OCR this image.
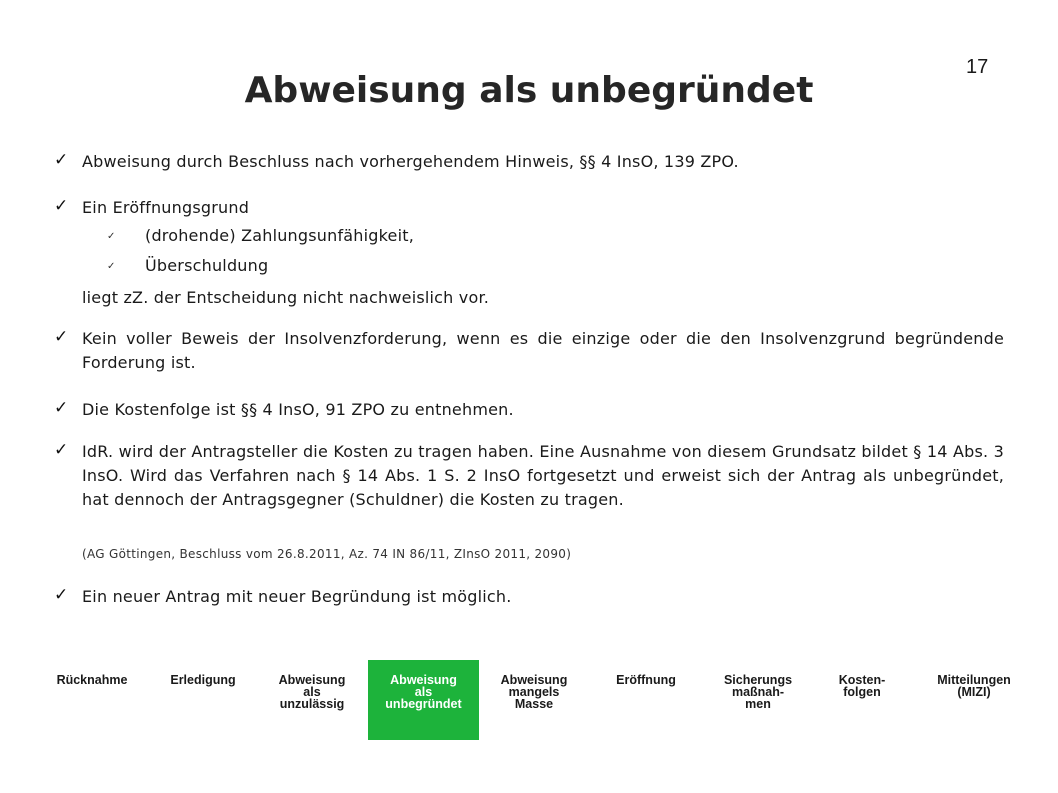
Abweisung als unbegründet
17
✓ Abweisung durch Beschluss nach vorhergehendem Hinweis, §§ 4 InsO, 139 ZPO.
✓ Ein Eröffnungsgrund
✓ (drohende) Zahlungsunfähigkeit,
✓ Überschuldung
liegt zZ. der Entscheidung nicht nachweislich vor.
✓ Kein voller Beweis der Insolvenzforderung, wenn es die einzige oder die den Insolvenzgrund begründende Forderung ist.
✓ Die Kostenfolge ist §§ 4 InsO, 91 ZPO zu entnehmen.
✓ IdR. wird der Antragsteller die Kosten zu tragen haben. Eine Ausnahme von diesem Grundsatz bildet § 14 Abs. 3 InsO. Wird das Verfahren nach § 14 Abs. 1 S. 2 InsO fortgesetzt und erweist sich der Antrag als unbegründet, hat dennoch der Antragsgegner (Schuldner) die Kosten zu tragen.
(AG Göttingen, Beschluss vom 26.8.2011, Az. 74 IN 86/11, ZInsO 2011, 2090)
✓ Ein neuer Antrag mit neuer Begründung ist möglich.
Rücknahme	Erledigung	Abweisung
als
unzulässig
Abweisung
als
unbegründet
Abweisung
mangels
Masse
Eröffnung	Sicherungs
maßnah-
men
Kosten-
folgen
Mitteilungen
(MIZI)
